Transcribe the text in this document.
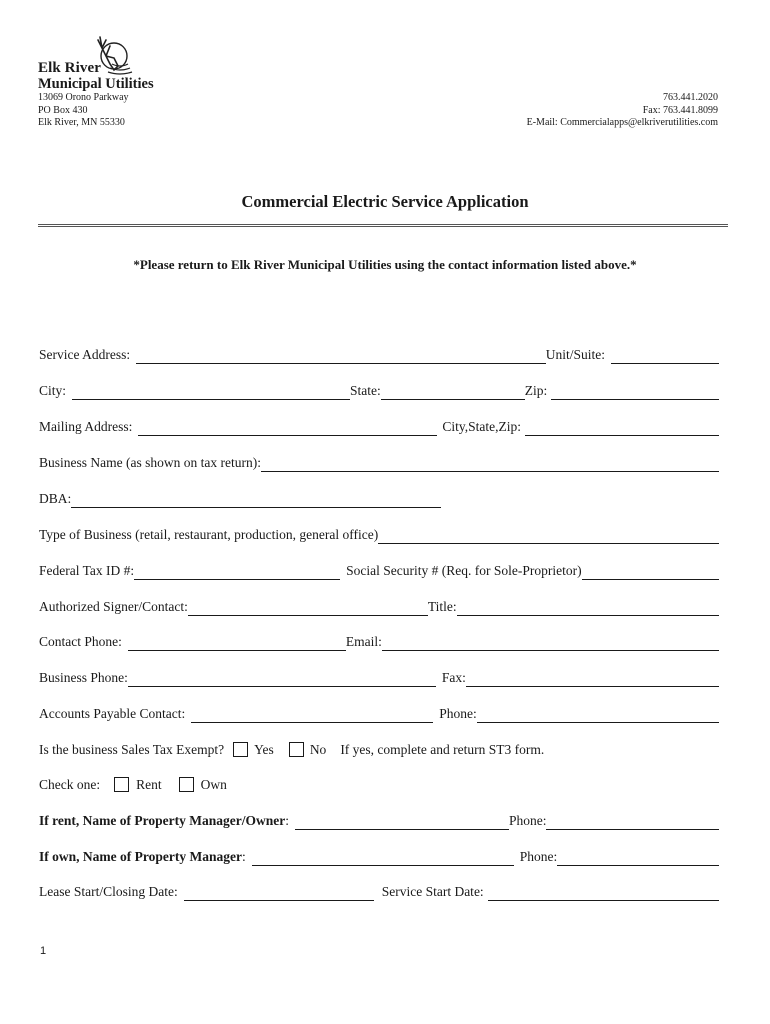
Elk River
Municipal Utilities
13069 Orono Parkway
PO Box 430
Elk River, MN 55330
763.441.2020
Fax: 763.441.8099
E-Mail: Commercialapps@elkriverutilities.com
Commercial Electric Service Application
*Please return to Elk River Municipal Utilities using the contact information listed above.*
Service Address:	Unit/Suite:
City:	State:	Zip:
Mailing Address:	City,State,Zip:
Business Name (as shown on tax return):
DBA:
Type of Business (retail, restaurant, production, general office)
Federal Tax ID #:	Social Security # (Req. for Sole-Proprietor)
Authorized Signer/Contact:	Title:
Contact Phone:	Email:
Business Phone:	Fax:
Accounts Payable Contact:	Phone:
Is the business Sales Tax Exempt? Yes	No If yes, complete and return ST3 form.
Check one:	Rent	Own
If rent, Name of Property Manager/Owner :	Phone:
If own, Name of Property Manager :	Phone:
Lease Start/Closing Date:	Service Start Date:
1
